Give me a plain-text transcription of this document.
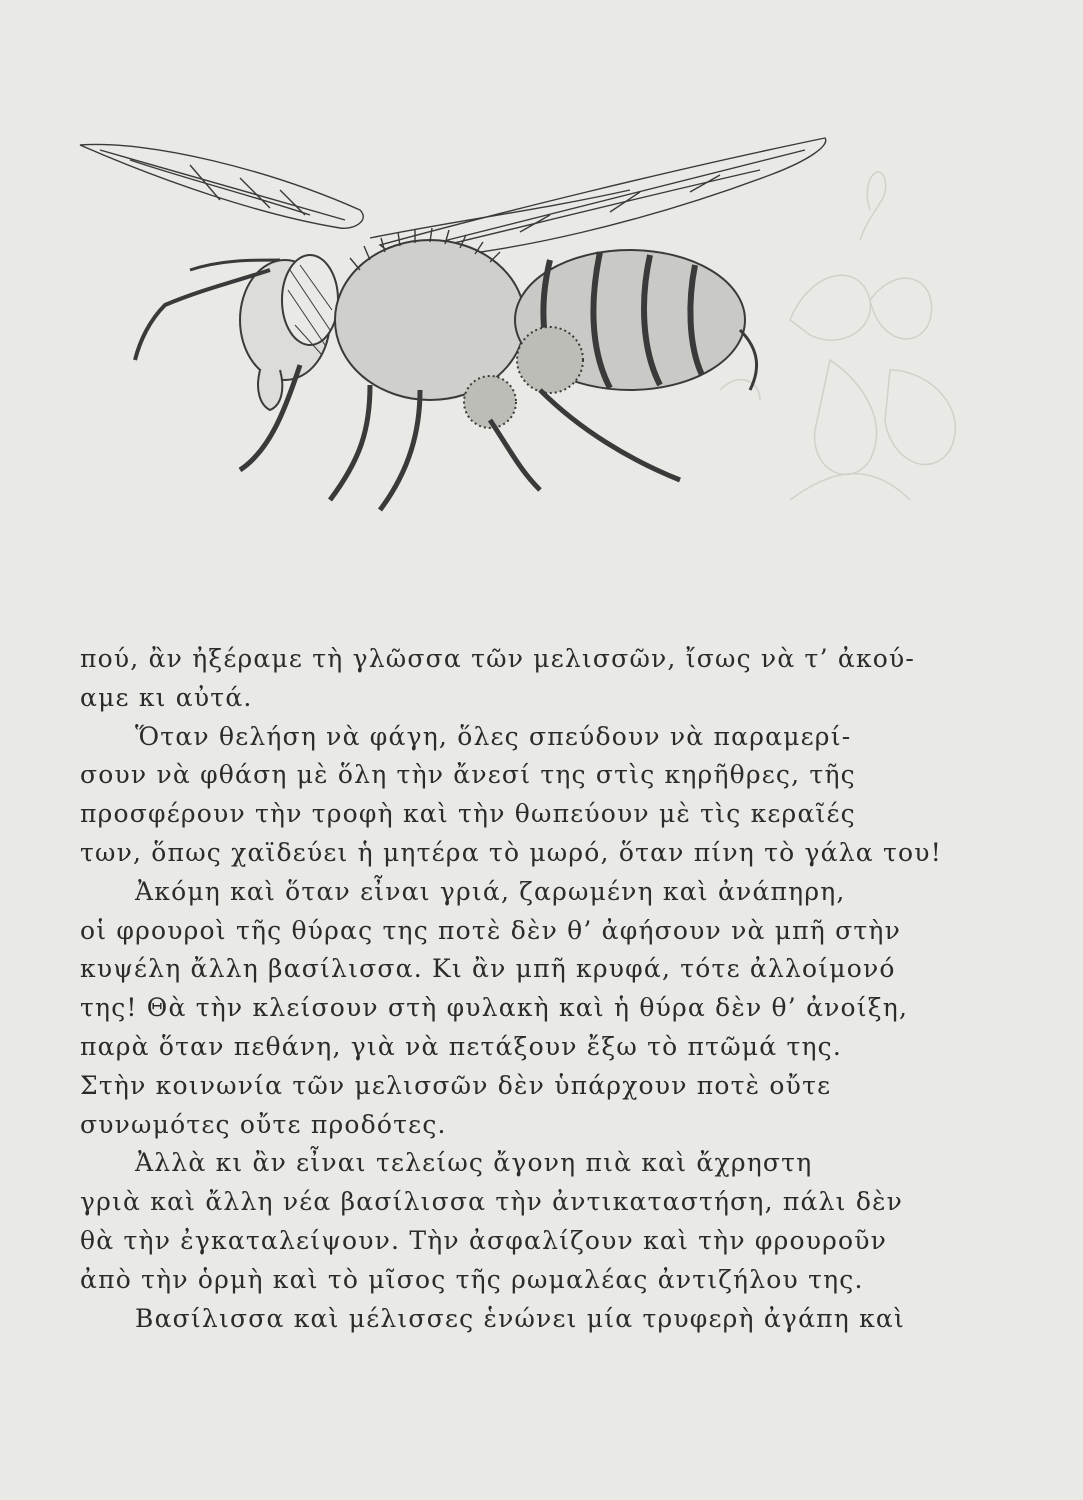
πού, ἂν ἠξέραμε τὴ γλῶσσα τῶν μελισσῶν, ἴσως νὰ τ’ ἀκού-
αμε κι αὐτά.
Ὅταν θελήση νὰ φάγη, ὅλες σπεύδουν νὰ παραμερί-
σουν νὰ φθάση μὲ ὅλη τὴν ἄνεσί της στὶς κηρῆθρες, τῆς
προσφέρουν τὴν τροφὴ καὶ τὴν θωπεύουν μὲ τὶς κεραῖές
των, ὅπως χαϊδεύει ἡ μητέρα τὸ μωρό, ὅταν πίνη τὸ γάλα του!
Ἀκόμη καὶ ὅταν εἶναι γριά, ζαρωμένη καὶ ἀνάπηρη,
οἱ φρουροὶ τῆς θύρας της ποτὲ δὲν θ’ ἀφήσουν νὰ μπῆ στὴν
κυψέλη ἄλλη βασίλισσα. Κι ἂν μπῆ κρυφά, τότε ἀλλοίμονό
της! Θὰ τὴν κλείσουν στὴ φυλακὴ καὶ ἡ θύρα δὲν θ’ ἀνοίξη,
παρὰ ὅταν πεθάνη, γιὰ νὰ πετάξουν ἔξω τὸ πτῶμά της.
Στὴν κοινωνία τῶν μελισσῶν δὲν ὑπάρχουν ποτὲ οὔτε
συνωμότες οὔτε προδότες.
Ἀλλὰ κι ἂν εἶναι τελείως ἄγονη πιὰ καὶ ἄχρηστη
γριὰ καὶ ἄλλη νέα βασίλισσα τὴν ἀντικαταστήση, πάλι δὲν
θὰ τὴν ἐγκαταλείψουν. Τὴν ἀσφαλίζουν καὶ τὴν φρουροῦν
ἀπὸ τὴν ὁρμὴ καὶ τὸ μῖσος τῆς ρωμαλέας ἀντιζήλου της.
Βασίλισσα καὶ μέλισσες ἑνώνει μία τρυφερὴ ἀγάπη καὶ
